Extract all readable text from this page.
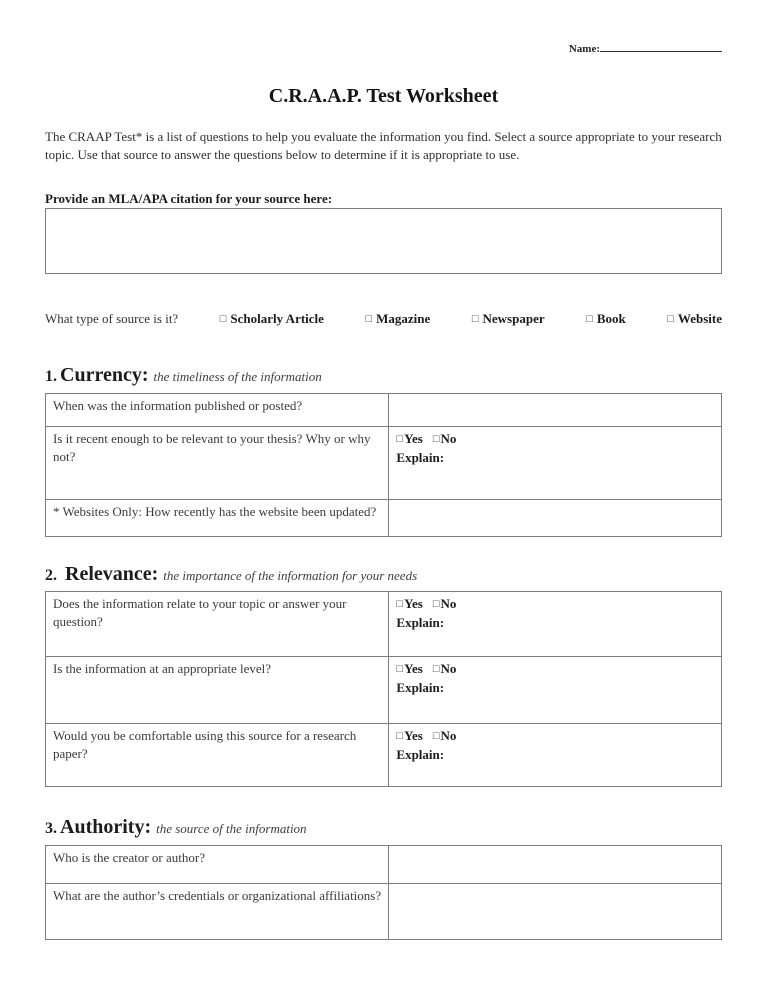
Name:
C.R.A.A.P. Test Worksheet
The CRAAP Test* is a list of questions to help you evaluate the information you find. Select a source appropriate to your research topic. Use that source to answer the questions below to determine if it is appropriate to use.
Provide an MLA/APA citation for your source here:
What type of source is it?	□ Scholarly Article	□ Magazine	□ Newspaper	□ Book	□ Website
1. Currency: the timeliness of the information
When was the information published or posted?	
Is it recent enough to be relevant to your thesis? Why or why not?	□Yes □No
Explain:

* Websites Only: How recently has the website been updated?	
2. Relevance: the importance of the information for your needs
Does the information relate to your topic or answer your question?	□Yes □No
Explain:

Is the information at an appropriate level?	□Yes □No
Explain:

Would you be comfortable using this source for a research paper?	□Yes □No
Explain:
3. Authority: the source of the information
Who is the creator or author?	
What are the author’s credentials or organizational affiliations?	
